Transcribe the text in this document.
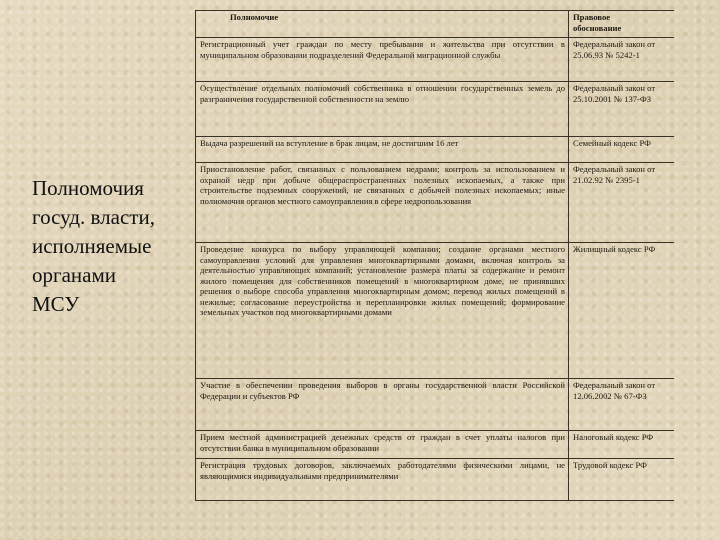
Полномочия
госуд. власти,
исполняемые
органами
МСУ
Полномочие	Правовое
обоснование

Регистрационный учет граждан по месту пребывания и жительства при отсутствии в муниципальном образовании подразделений Федеральной миграционной службы	Федеральный закон от 25.06.93 № 5242-1

Осуществление отдельных полномочий собственника в отношении государственных земель до разграничения государственной собственности на землю	Федеральный закон от 25.10.2001 № 137-ФЗ

Выдача разрешений на вступление в брак лицам, не достигшим 16 лет	Семейный кодекс РФ

Приостановление работ, связанных с пользованием недрами; контроль за использованием и охраной недр при добыче общераспространенных полезных ископаемых, а также при строительстве подземных сооружений, не связанных с добычей полезных ископаемых; иные полномочия органов местного самоуправления в сфере недропользования	Федеральный закон от 21.02.92 № 2395-1

Проведение конкурса по выбору управляющей компании; создание органами местного самоуправления условий для управления многоквартирными домами, включая контроль за деятельностью управляющих компаний; установление размера платы за содержание и ремонт жилого помещения для собственников помещений в многоквартирном доме, не принявших решения о выборе способа управления многоквартирным домом; перевод жилых помещений в нежилые; согласование переустройства и перепланировки жилых помещений; формирование земельных участков под многоквартирными домами	Жилищный кодекс РФ

Участие в обеспечении проведения выборов в органы государственной власти Российской Федерации и субъектов РФ	Федеральный закон от 12.06.2002 № 67-ФЗ

Прием местной администрацией денежных средств от граждан в счет уплаты налогов при отсутствии банка в муниципальном образовании	Налоговый кодекс РФ

Регистрация трудовых договоров, заключаемых работодателями физическими лицами, не являющимися индивидуальными предпринимателями	Трудовой кодекс РФ
